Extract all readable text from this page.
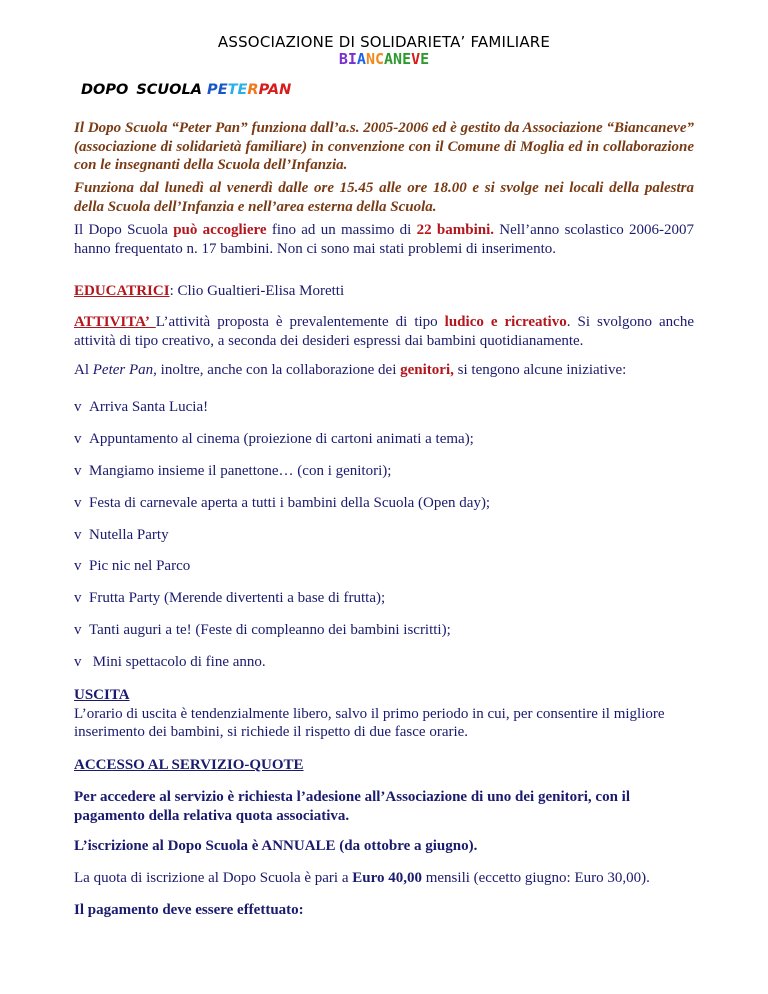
ASSOCIAZIONE DI SOLIDARIETA’ FAMILIARE
BIANCANEVE
DOPO SCUOLA PETERPAN
Il Dopo Scuola “Peter Pan” funziona dall’a.s. 2005-2006 ed è gestito da Associazione “Biancaneve” (associazione di solidarietà familiare) in convenzione con il Comune di Moglia ed in collaborazione con le insegnanti della Scuola dell’Infanzia.
Funziona dal lunedì al venerdì dalle ore 15.45 alle ore 18.00 e si svolge nei locali della palestra della Scuola dell’Infanzia e nell’area esterna della Scuola.
Il Dopo Scuola può accogliere fino ad un massimo di 22 bambini. Nell’anno scolastico 2006-2007 hanno frequentato n. 17 bambini. Non ci sono mai stati problemi di inserimento.
EDUCATRICI: Clio Gualtieri-Elisa Moretti
ATTIVITA’ L’attività proposta è prevalentemente di tipo ludico e ricreativo. Si svolgono anche attività di tipo creativo, a seconda dei desideri espressi dai bambini quotidianamente.
Al Peter Pan, inoltre, anche con la collaborazione dei genitori, si tengono alcune iniziative:
v Arriva Santa Lucia!
v Appuntamento al cinema (proiezione di cartoni animati a tema);
v Mangiamo insieme il panettone… (con i genitori);
v Festa di carnevale aperta a tutti i bambini della Scuola (Open day);
v Nutella Party
v Pic nic nel Parco
v Frutta Party (Merende divertenti a base di frutta);
v Tanti auguri a te! (Feste di compleanno dei bambini iscritti);
v Mini spettacolo di fine anno.
USCITA
L’orario di uscita è tendenzialmente libero, salvo il primo periodo in cui, per consentire il migliore inserimento dei bambini, si richiede il rispetto di due fasce orarie.
ACCESSO AL SERVIZIO-QUOTE
Per accedere al servizio è richiesta l’adesione all’Associazione di uno dei genitori, con il pagamento della relativa quota associativa.
L’iscrizione al Dopo Scuola è ANNUALE (da ottobre a giugno).
La quota di iscrizione al Dopo Scuola è pari a Euro 40,00 mensili (eccetto giugno: Euro 30,00).
Il pagamento deve essere effettuato:
